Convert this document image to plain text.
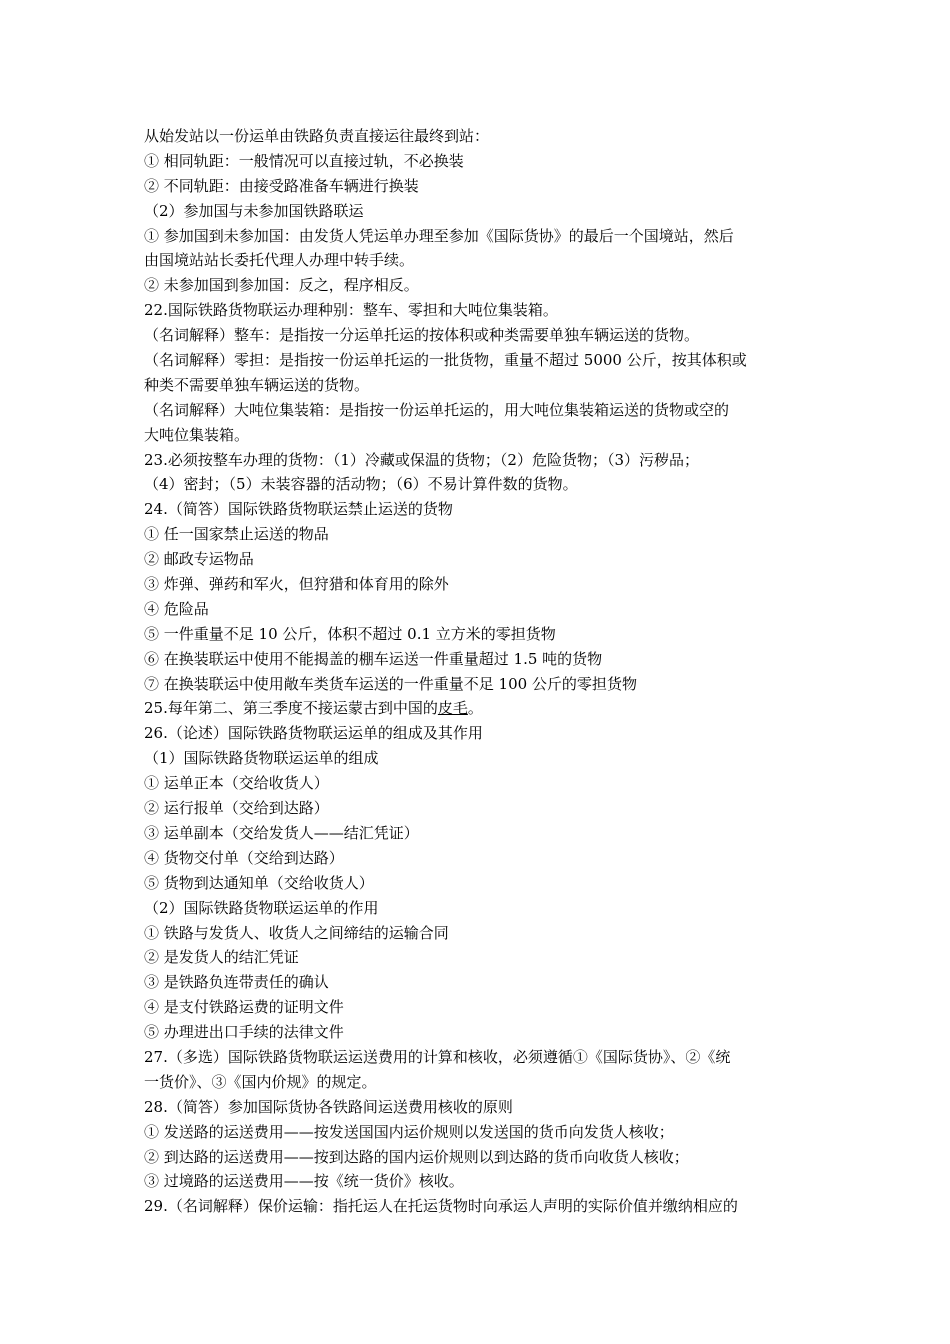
从始发站以一份运单由铁路负责直接运往最终到站：
① 相同轨距：一般情况可以直接过轨，不必换装
② 不同轨距：由接受路准备车辆进行换装
（2）参加国与未参加国铁路联运
① 参加国到未参加国：由发货人凭运单办理至参加《国际货协》的最后一个国境站，然后
由国境站站长委托代理人办理中转手续。
② 未参加国到参加国：反之，程序相反。
22.国际铁路货物联运办理种别：整车、零担和大吨位集装箱。
（名词解释）整车：是指按一分运单托运的按体积或种类需要单独车辆运送的货物。
（名词解释）零担：是指按一份运单托运的一批货物，重量不超过 5000 公斤，按其体积或
种类不需要单独车辆运送的货物。
（名词解释）大吨位集装箱：是指按一份运单托运的，用大吨位集装箱运送的货物或空的
大吨位集装箱。
23.必须按整车办理的货物：（1）冷藏或保温的货物；（2）危险货物；（3）污秽品；
（4）密封；（5）未装容器的活动物；（6）不易计算件数的货物。
24.（简答）国际铁路货物联运禁止运送的货物
① 任一国家禁止运送的物品
② 邮政专运物品
③ 炸弹、弹药和军火，但狩猎和体育用的除外
④ 危险品
⑤ 一件重量不足 10 公斤，体积不超过 0.1 立方米的零担货物
⑥ 在换装联运中使用不能揭盖的棚车运送一件重量超过 1.5 吨的货物
⑦ 在换装联运中使用敞车类货车运送的一件重量不足 100 公斤的零担货物
25.每年第二、第三季度不接运蒙古到中国的皮毛。
26.（论述）国际铁路货物联运运单的组成及其作用
（1）国际铁路货物联运运单的组成
① 运单正本（交给收货人）
② 运行报单（交给到达路）
③ 运单副本（交给发货人——结汇凭证）
④ 货物交付单（交给到达路）
⑤ 货物到达通知单（交给收货人）
（2）国际铁路货物联运运单的作用
① 铁路与发货人、收货人之间缔结的运输合同
② 是发货人的结汇凭证
③ 是铁路负连带责任的确认
④ 是支付铁路运费的证明文件
⑤ 办理进出口手续的法律文件
27.（多选）国际铁路货物联运运送费用的计算和核收，必须遵循①《国际货协》、②《统
一货价》、③《国内价规》的规定。
28.（简答）参加国际货协各铁路间运送费用核收的原则
① 发送路的运送费用——按发送国国内运价规则以发送国的货币向发货人核收；
② 到达路的运送费用——按到达路的国内运价规则以到达路的货币向收货人核收；
③ 过境路的运送费用——按《统一货价》核收。
29.（名词解释）保价运输：指托运人在托运货物时向承运人声明的实际价值并缴纳相应的
